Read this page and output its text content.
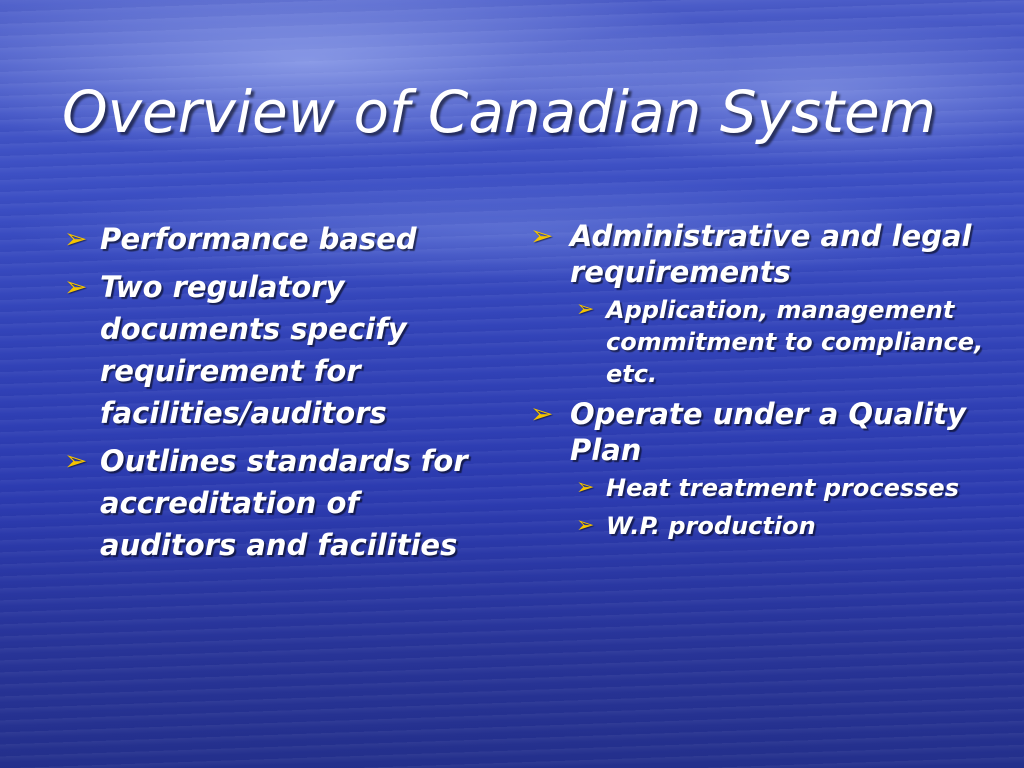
Overview of Canadian System
➢ Performance based
➢ Two regulatory documents specify requirement for facilities/auditors
➢ Outlines standards for accreditation of auditors and facilities
➢ Administrative and legal requirements
➢ Application, management commitment to compliance, etc.
➢ Operate under a Quality Plan
➢ Heat treatment processes
➢ W.P. production
